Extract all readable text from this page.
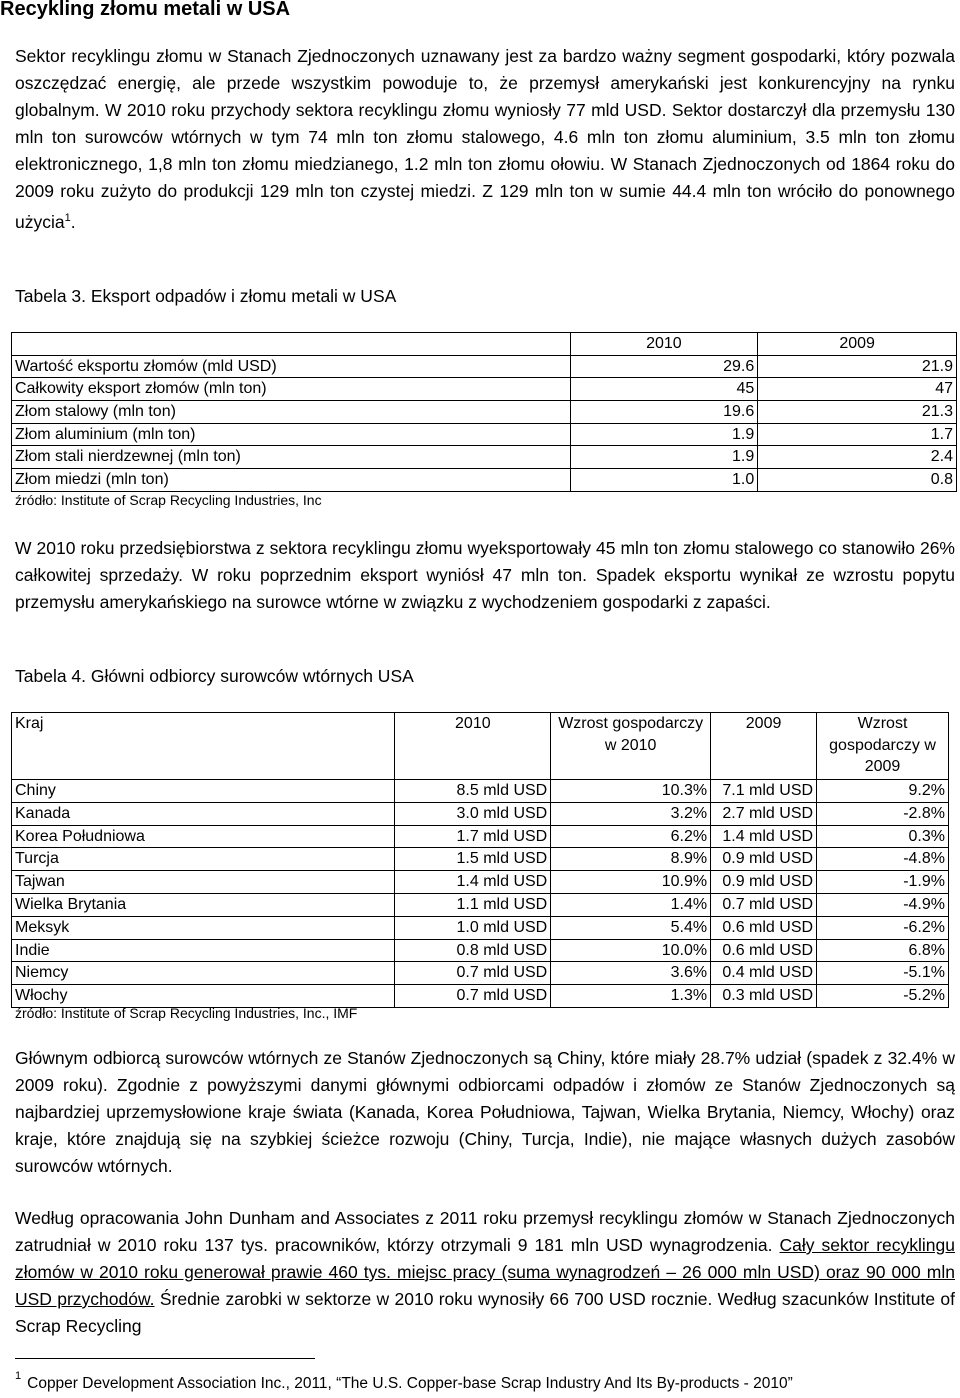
Recykling złomu metali w USA
Sektor recyklingu złomu w Stanach Zjednoczonych uznawany jest za bardzo ważny segment gospodarki, który pozwala oszczędzać energię, ale przede wszystkim powoduje to, że przemysł amerykański jest konkurencyjny na rynku globalnym. W 2010 roku przychody sektora recyklingu złomu wyniosły 77 mld USD. Sektor dostarczył dla przemysłu 130 mln ton surowców wtórnych w tym 74 mln ton złomu stalowego, 4.6 mln ton złomu aluminium, 3.5 mln ton złomu elektronicznego, 1,8 mln ton złomu miedzianego, 1.2 mln ton złomu ołowiu. W Stanach Zjednoczonych od 1864 roku do 2009 roku zużyto do produkcji 129 mln ton czystej miedzi. Z 129 mln ton w sumie 44.4 mln ton wróciło do ponownego użycia$^1$.
Tabela 3. Eksport odpadów i złomu metali w USA
	2010	2009
Wartość eksportu złomów (mld USD)	29.6	21.9
Całkowity eksport złomów (mln ton)	45	47
Złom stalowy (mln ton)	19.6	21.3
Złom aluminium (mln ton)	1.9	1.7
Złom stali nierdzewnej (mln ton)	1.9	2.4
Złom miedzi (mln ton)	1.0	0.8
źródło: Institute of Scrap Recycling Industries, Inc
W 2010 roku przedsiębiorstwa z sektora recyklingu złomu wyeksportowały 45 mln ton złomu stalowego co stanowiło 26% całkowitej sprzedaży. W roku poprzednim eksport wyniósł 47 mln ton. Spadek eksportu wynikał ze wzrostu popytu przemysłu amerykańskiego na surowce wtórne w związku z wychodzeniem gospodarki z zapaści.
Tabela 4. Główni odbiorcy surowców wtórnych USA
Kraj	2010	Wzrost gospodarczy w 2010	2009	Wzrost gospodarczy w 2009
Chiny	8.5 mld USD	10.3%	7.1 mld USD	9.2%
Kanada	3.0 mld USD	3.2%	2.7 mld USD	-2.8%
Korea Południowa	1.7 mld USD	6.2%	1.4 mld USD	0.3%
Turcja	1.5 mld USD	8.9%	0.9 mld USD	-4.8%
Tajwan	1.4 mld USD	10.9%	0.9 mld USD	-1.9%
Wielka Brytania	1.1 mld USD	1.4%	0.7 mld USD	-4.9%
Meksyk	1.0 mld USD	5.4%	0.6 mld USD	-6.2%
Indie	0.8 mld USD	10.0%	0.6 mld USD	6.8%
Niemcy	0.7 mld USD	3.6%	0.4 mld USD	-5.1%
Włochy	0.7 mld USD	1.3%	0.3 mld USD	-5.2%
źródło: Institute of Scrap Recycling Industries, Inc., IMF
Głównym odbiorcą surowców wtórnych ze Stanów Zjednoczonych są Chiny, które miały 28.7% udział (spadek z 32.4% w 2009 roku). Zgodnie z powyższymi danymi głównymi odbiorcami odpadów i złomów ze Stanów Zjednoczonych są najbardziej uprzemysłowione kraje świata (Kanada, Korea Południowa, Tajwan, Wielka Brytania, Niemcy, Włochy) oraz kraje, które znajdują się na szybkiej ścieżce rozwoju (Chiny, Turcja, Indie), nie mające własnych dużych zasobów surowców wtórnych.
Według opracowania John Dunham and Associates z 2011 roku przemysł recyklingu złomów w Stanach Zjednoczonych zatrudniał w 2010 roku 137 tys. pracowników, którzy otrzymali 9 181 mln USD wynagrodzenia. Cały sektor recyklingu złomów w 2010 roku generował prawie 460 tys. miejsc pracy (suma wynagrodzeń – 26 000 mln USD) oraz 90 000 mln USD przychodów. Średnie zarobki w sektorze w 2010 roku wynosiły 66 700 USD rocznie. Według szacunków Institute of Scrap Recycling
$^1$ Copper Development Association Inc., 2011, “The U.S. Copper-base Scrap Industry And Its By-products - 2010”
